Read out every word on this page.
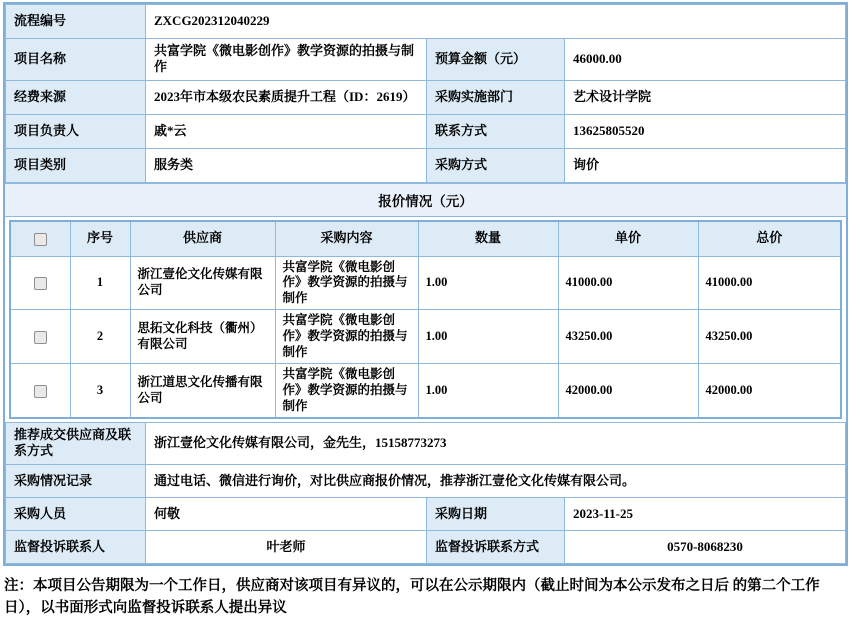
流程编号	ZXCG202312040229		
项目名称	共富学院《微电影创作》教学资源的拍摄与制作	预算金额（元）	46000.00
经费来源	2023年市本级农民素质提升工程（ID：2619）	采购实施部门	艺术设计学院
项目负责人	戚*云	联系方式	13625805520
项目类别	服务类	采购方式	询价
报价情况（元）
	序号	供应商	采购内容	数量	单价	总价
	1	浙江壹伦文化传媒有限公司	共富学院《微电影创作》教学资源的拍摄与制作	1.00	41000.00	41000.00
	2	思拓文化科技（衢州）有限公司	共富学院《微电影创作》教学资源的拍摄与制作	1.00	43250.00	43250.00
	3	浙江道思文化传播有限公司	共富学院《微电影创作》教学资源的拍摄与制作	1.00	42000.00	42000.00
推荐成交供应商及联系方式	浙江壹伦文化传媒有限公司，金先生，15158773273		
采购情况记录	通过电话、微信进行询价，对比供应商报价情况，推荐浙江壹伦文化传媒有限公司。		
采购人员	何敬	采购日期	2023-11-25
监督投诉联系人	叶老师	监督投诉联系方式	0570-8068230
注：本项目公告期限为一个工作日，供应商对该项目有异议的，可以在公示期限内（截止时间为本公示发布之日后 的第二个工作日），以书面形式向监督投诉联系人提出异议
